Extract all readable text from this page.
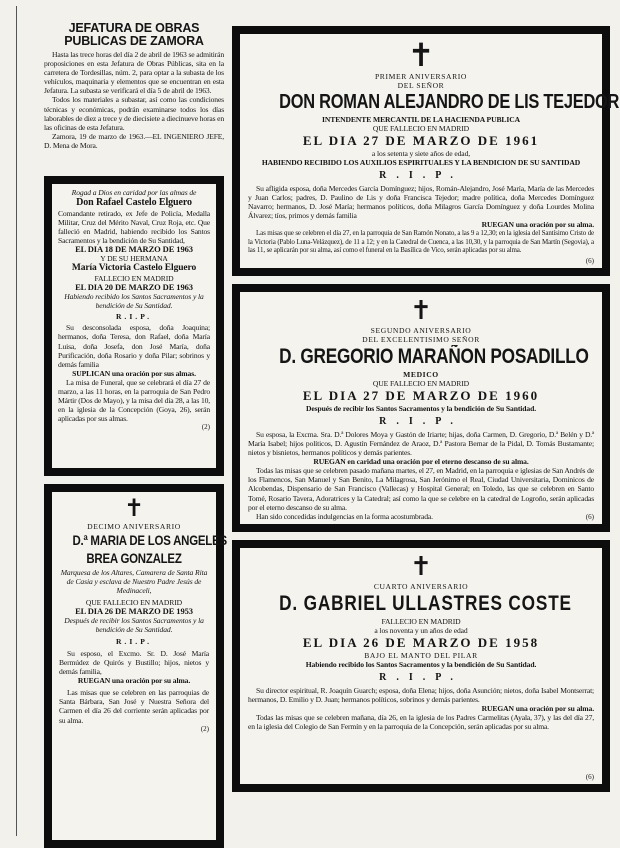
JEFATURA DE OBRAS PUBLICAS DE ZAMORA

Hasta las trece horas del día 2 de abril de 1963 se admitirán proposiciones en esta Jefatura de Obras Públicas, sita en la carretera de Tordesillas, núm. 2, para optar a la subasta de los vehículos, maquinaria y elementos que se encuentran en esta Jefatura. La subasta se verificará el día 5 de abril de 1963.

Todos los materiales a subastar, así como las condiciones técnicas y económicas, podrán examinarse todos los días laborables de diez a trece y de diecisiete a diecinueve horas en las oficinas de esta Jefatura.

Zamora, 19 de marzo de 1963.—EL INGENIERO JEFE, D. Mena de Mora.

Rogad a Dios en caridad por las almas de

Don Rafael Castelo Elguero

Comandante retirado, ex Jefe de Policía, Medalla Militar, Cruz del Mérito Naval, Cruz Roja, etc. Que falleció en Madrid, habiendo recibido los Santos Sacramentos y la bendición de Su Santidad,

EL DIA 18 DE MARZO DE 1963

Y DE SU HERMANA

María Victoria Castelo Elguero

FALLECIO EN MADRID

EL DIA 20 DE MARZO DE 1963

Habiendo recibido los Santos Sacramentos y la bendición de Su Santidad.

R.I.P.

Su desconsolada esposa, doña Joaquina; hermanos, doña Teresa, don Rafael, doña María Luisa, doña Josefa, don José María, doña Purificación, doña Rosario y doña Pilar; sobrinos y demás familia

SUPLICAN una oración por sus almas.

La misa de Funeral, que se celebrará el día 27 de marzo, a las 11 horas, en la parroquia de San Pedro Mártir (Dos de Mayo), y la misa del día 28, a las 10, en la iglesia de la Concepción (Goya, 26), serán aplicadas por sus almas.

(2)

✝

DECIMO ANIVERSARIO

D.ª MARIA DE LOS ANGELES
BREA GONZALEZ

Marquesa de los Altares, Camarera de Santa Rita de Casia y esclava de Nuestro Padre Jesús de Medinaceli,

QUE FALLECIO EN MADRID

EL DIA 26 DE MARZO DE 1953

Después de recibir los Santos Sacramentos y la bendición de Su Santidad.

R.I.P.

Su esposo, el Excmo. Sr. D. José María Bermúdez de Quirós y Bustillo; hijos, nietos y demás familia,

RUEGAN una oración por su alma.

Las misas que se celebren en las parroquias de Santa Bárbara, San José y Nuestra Señora del Carmen el día 26 del corriente serán aplicadas por su alma.

(2)

✝

PRIMER ANIVERSARIO

DEL SEÑOR

DON ROMAN ALEJANDRO DE LIS TEJEDOR

INTENDENTE MERCANTIL DE LA HACIENDA PUBLICA

QUE FALLECIO EN MADRID

EL DIA 27 DE MARZO DE 1961

a los setenta y siete años de edad,

HABIENDO RECIBIDO LOS AUXILIOS ESPIRITUALES Y LA BENDICION DE SU SANTIDAD

R.I.P.

Su afligida esposa, doña Mercedes García Domínguez; hijos, Román-Alejandro, José María, María de las Mercedes y Juan Carlos; padres, D. Paulino de Lis y doña Francisca Tejedor; madre política, doña Mercedes Domínguez Navarro; hermanos, D. José María; hermanos políticos, doña Milagros García Domínguez y doña Lourdes Molina Álvarez; tíos, primos y demás familia

RUEGAN una oración por su alma.

Las misas que se celebren el día 27, en la parroquia de San Ramón Nonato, a las 9 a 12,30; en la iglesia del Santísimo Cristo de la Victoria (Pablo Luna-Velázquez), de 11 a 12; y en la Catedral de Cuenca, a las 10,30, y la parroquia de San Martín (Segovia), a las 11, se aplicarán por su alma, así como el funeral en la Basílica de Vico, serán aplicadas por su alma.

(6)
✝

SEGUNDO ANIVERSARIO

DEL EXCELENTISIMO SEÑOR

D. GREGORIO MARAÑON POSADILLO

MEDICO

QUE FALLECIO EN MADRID

EL DIA 27 DE MARZO DE 1960

Después de recibir los Santos Sacramentos y la bendición de Su Santidad.

R.I.P.

Su esposa, la Excma. Sra. D.ª Dolores Moya y Gastón de Iriarte; hijas, doña Carmen, D. Gregorio, D.ª Belén y D.ª María Isabel; hijos políticos, D. Agustín Fernández de Araoz, D.ª Pastora Bernar de la Pidal, D. Tomás Bustamante; nietos y bisnietos, hermanos políticos y demás parientes.

RUEGAN en caridad una oración por el eterno descanso de su alma.

Todas las misas que se celebren pasado mañana martes, el 27, en Madrid, en la parroquia e iglesias de San Andrés de los Flamencos, San Manuel y San Benito, La Milagrosa, San Jerónimo el Real, Ciudad Universitaria, Dominicos de Alcobendas, Dispensario de San Francisco (Vallecas) y Hospital General; en Toledo, las que se celebren en Santo Tomé, Rosario Tavera, Adoratrices y la Catedral; así como la que se celebre en la catedral de Logroño, serán aplicadas por el eterno descanso de su alma.

Han sido concedidas indulgencias en la forma acostumbrada.	(6)
✝

CUARTO ANIVERSARIO

D. GABRIEL ULLASTRES COSTE

FALLECIO EN MADRID

a los noventa y un años de edad

EL DIA 26 DE MARZO DE 1958

BAJO EL MANTO DEL PILAR

Habiendo recibido los Santos Sacramentos y la bendición de Su Santidad.

R.I.P.

Su director espiritual, R. Joaquín Guarch; esposa, doña Elena; hijos, doña Asunción; nietos, doña Isabel Montserrat; hermanos, D. Emilio y D. Juan; hermanos políticos, sobrinos y demás parientes.

RUEGAN una oración por su alma.

Todas las misas que se celebren mañana, día 26, en la iglesia de los Padres Carmelitas (Ayala, 37), y las del día 27, en la iglesia del Colegio de San Fermín y en la parroquia de la Concepción, serán aplicadas por su alma.

(6)
